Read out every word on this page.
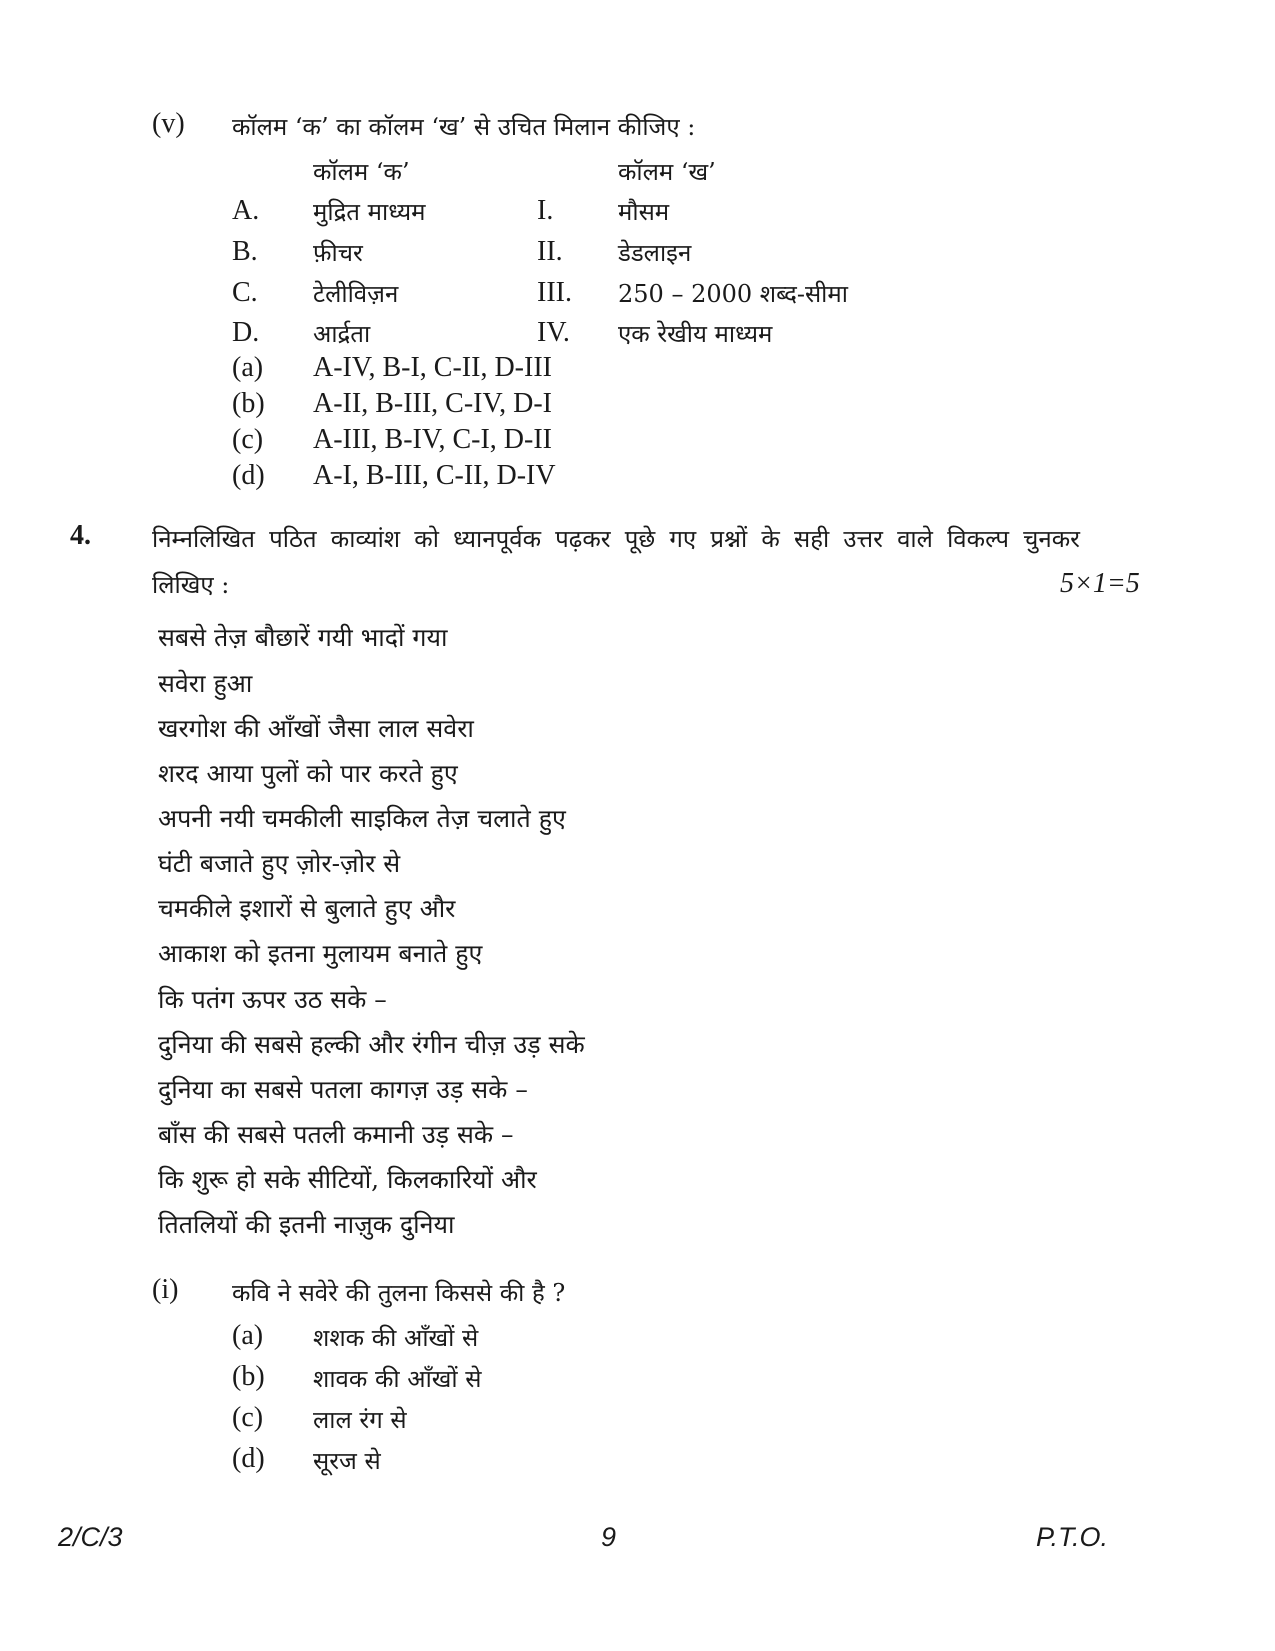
(v) कॉलम ‘क’ का कॉलम ‘ख’ से उचित मिलान कीजिए :
कॉलम ‘क’	कॉलम ‘ख’
A. मुद्रित माध्यम	I.	मौसम
B. फ़ीचर	II. डेडलाइन
C. टेलीविज़न	III. 250 – 2000 शब्द-सीमा
D. आर्द्रता	IV. एक रेखीय माध्यम
(a) A-IV, B-I, C-II, D-III
(b) A-II, B-III, C-IV, D-I
(c) A-III, B-IV, C-I, D-II
(d) A-I, B-III, C-II, D-IV
4.	निम्नलिखित पठित काव्यांश को ध्यानपूर्वक पढ़कर पूछे गए प्रश्नों के सही उत्तर वाले विकल्प चुनकर
लिखिए :	5×1=5
सबसे तेज़ बौछारें गयी भादों गया
सवेरा हुआ
खरगोश की आँखों जैसा लाल सवेरा
शरद आया पुलों को पार करते हुए
अपनी नयी चमकीली साइकिल तेज़ चलाते हुए
घंटी बजाते हुए ज़ोर-ज़ोर से
चमकीले इशारों से बुलाते हुए और
आकाश को इतना मुलायम बनाते हुए
कि पतंग ऊपर उठ सके –
दुनिया की सबसे हल्की और रंगीन चीज़ उड़ सके
दुनिया का सबसे पतला कागज़ उड़ सके –
बाँस की सबसे पतली कमानी उड़ सके –
कि शुरू हो सके सीटियों, किलकारियों और
तितलियों की इतनी नाज़ुक दुनिया
(i) कवि ने सवेरे की तुलना किससे की है ?
(a) शशक की आँखों से
(b) शावक की आँखों से
(c) लाल रंग से
(d) सूरज से
2/C/3	9	P.T.O.
